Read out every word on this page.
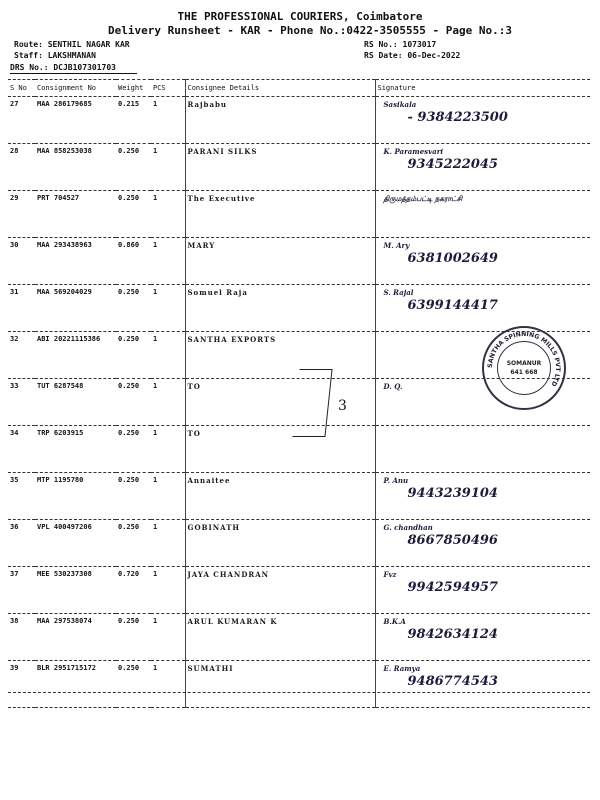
THE PROFESSIONAL COURIERS, Coimbatore
Delivery Runsheet - KAR - Phone No.:0422-3505555 - Page No.:3
Route: SENTHIL NAGAR KAR
Staff: LAKSHMANAN
DRS No.: DCJB107301703
RS No.: 1073017
RS Date: 06-Dec-2022
S No	Consignment No	Weight	PCS	Consignee Details	Signature
27	MAA 286179685	0.215	1	Rajbabu	Sasikala
- 9384223500

28	MAA 858253038	0.250	1	PARANI SILKS	K. Paramesvari
9345222045

29	PRT 704527	0.250	1	The Executive	திருமத்தம்பட்டி நகராட்சி

30	MAA 293438963	0.860	1	MARY	M. Ary
6381002649

31	MAA 569204029	0.250	1	Somuel Raja	S. Rajal
6399144417

32	ABI 20221115386	0.250	1	SANTHA EXPORTS	

33	TUT 6287548	0.250	1	TO	D. Q.

34	TRP 6203915	0.250	1	TO	

35	MTP 1195780	0.250	1	Annaitee	P. Anu
9443239104

36	VPL 400497206	0.250	1	GOBINATH	G. chandhan
8667850496

37	MEE 530237308	0.720	1	JAYA CHANDRAN	Fvz
9942594957

38	MAA 297538074	0.250	1	ARUL KUMARAN K	B.K.A
9842634124

39	BLR 2951715172	0.250	1	SUMATHI	E. Ramya
9486774543
3
SANTHA SPINNING MILLS PVT LTD
SOMANUR
641 668
